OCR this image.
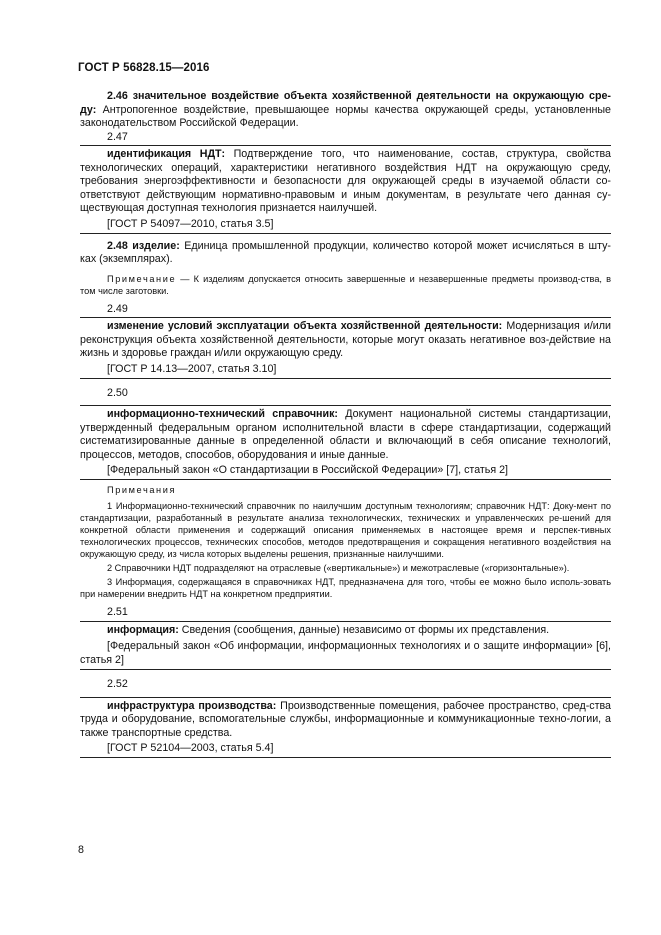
ГОСТ Р 56828.15—2016

2.46 значительное воздействие объекта хозяйственной деятельности на окружающую сре-ду: Антропогенное воздействие, превышающее нормы качества окружающей среды, установленные законодательством Российской Федерации.

2.47

идентификация НДТ: Подтверждение того, что наименование, состав, структура, свойства технологических операций, характеристики негативного воздействия НДТ на окружающую среду, требования энергоэффективности и безопасности для окружающей среды в изучаемой области со-ответствуют действующим нормативно-правовым и иным документам, в результате чего данная су-ществующая доступная технология признается наилучшей.

[ГОСТ Р 54097—2010, статья 3.5]

2.48 изделие: Единица промышленной продукции, количество которой может исчисляться в шту-ках (экземплярах).

Примечание — К изделиям допускается относить завершенные и незавершенные предметы производ-ства, в том числе заготовки.

2.49

изменение условий эксплуатации объекта хозяйственной деятельности: Модернизация и/или реконструкция объекта хозяйственной деятельности, которые могут оказать негативное воз-действие на жизнь и здоровье граждан и/или окружающую среду.

[ГОСТ Р 14.13—2007, статья 3.10]
2.50

информационно-технический справочник: Документ национальной системы стандартизации, утвержденный федеральным органом исполнительной власти в сфере стандартизации, содержащий систематизированные данные в определенной области и включающий в себя описание технологий, процессов, методов, способов, оборудования и иные данные.

[Федеральный закон «О стандартизации в Российской Федерации» [7], статья 2]
Примечания

1 Информационно-технический справочник по наилучшим доступным технологиям; справочник НДТ: Доку-мент по стандартизации, разработанный в результате анализа технологических, технических и управленческих ре-шений для конкретной области применения и содержащий описания применяемых в настоящее время и перспек-тивных технологических процессов, технических способов, методов предотвращения и сокращения негативного воздействия на окружающую среду, из числа которых выделены решения, признанные наилучшими.

2 Справочники НДТ подразделяют на отраслевые («вертикальные») и межотраслевые («горизонтальные»).

3 Информация, содержащаяся в справочниках НДТ, предназначена для того, чтобы ее можно было исполь-зовать при намерении внедрить НДТ на конкретном предприятии.

2.51

информация: Сведения (сообщения, данные) независимо от формы их представления.

[Федеральный закон «Об информации, информационных технологиях и о защите информации» [6], статья 2]

2.52

инфраструктура производства: Производственные помещения, рабочее пространство, сред-ства труда и оборудование, вспомогательные службы, информационные и коммуникационные техно-логии, а также транспортные средства.

[ГОСТ Р 52104—2003, статья 5.4]
8
